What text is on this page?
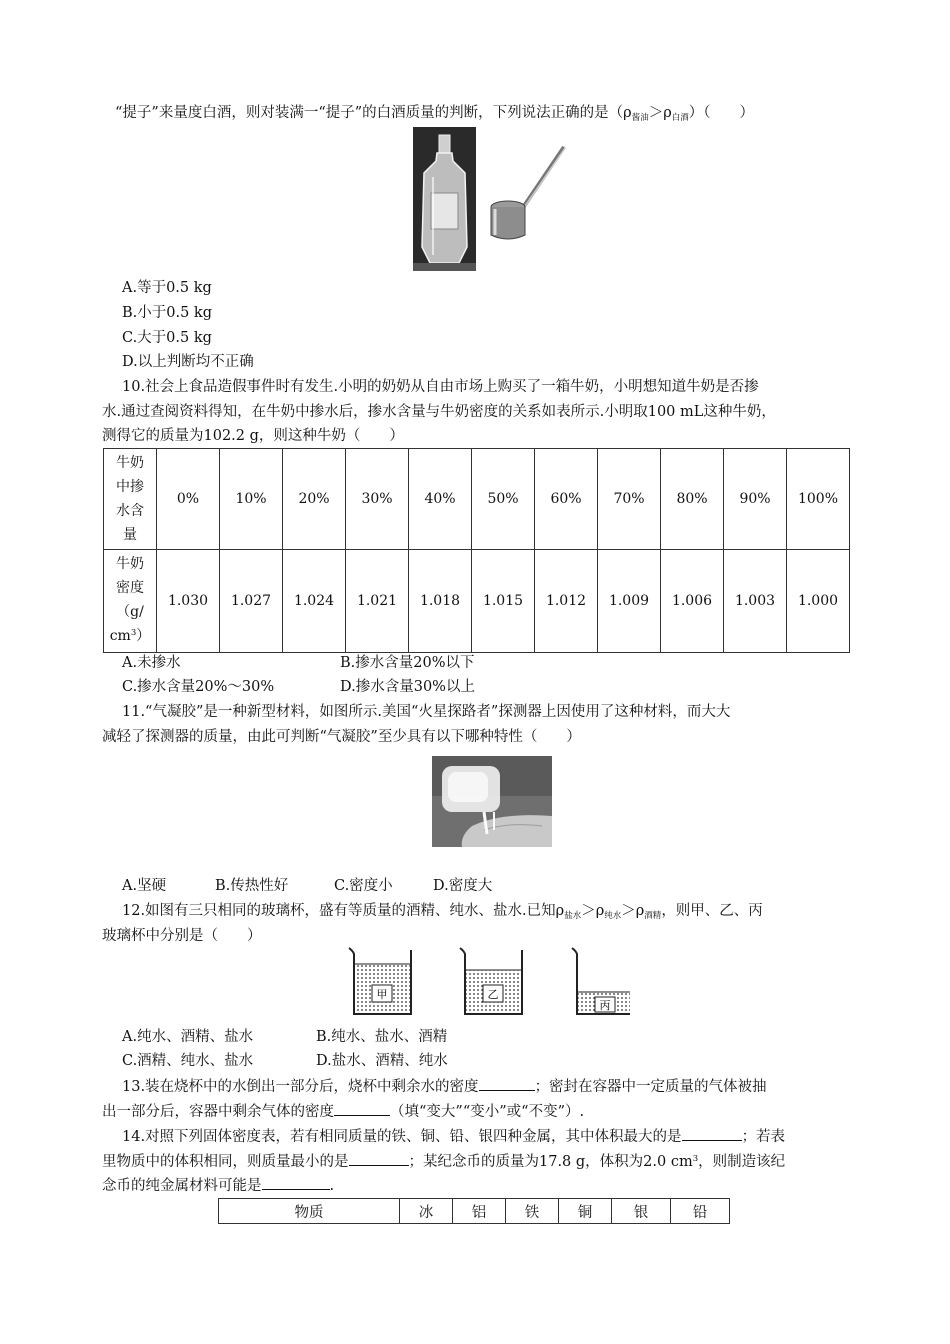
“提子”来量度白酒，则对装满一“提子”的白酒质量的判断，下列说法正确的是$(\rho_{酱油}>\rho_{白酒})$（　　）
A.等于0.5 kg
B.小于0.5 kg
C.大于0.5 kg
D.以上判断均不正确
10.社会上食品造假事件时有发生.小明的奶奶从自由市场上购买了一箱牛奶，小明想知道牛奶是否掺
水.通过查阅资料得知，在牛奶中掺水后，掺水含量与牛奶密度的关系如表所示.小明取100 mL这种牛奶，
测得它的质量为102.2 g，则这种牛奶（　　）
牛奶
中掺
水含
量	0%	10%	20%	30%	40%	50%	60%	70%	80%	90%	100%
牛奶
密度
（g/
$cm^3$）	1.030	1.027	1.024	1.021	1.018	1.015	1.012	1.009	1.006	1.003	1.000
A.未掺水	B.掺水含量20%以下
C.掺水含量20%～30%	D.掺水含量30%以上
11.“气凝胶”是一种新型材料，如图所示.美国“火星探路者”探测器上因使用了这种材料，而大大
减轻了探测器的质量，由此可判断“气凝胶”至少具有以下哪种特性（　　）
A.坚硬	B.传热性好	C.密度小	D.密度大
12.如图有三只相同的玻璃杯，盛有等质量的酒精、纯水、盐水.已知$\rho_{盐水}>\rho_{纯水}>\rho_{酒精}$，则甲、乙、丙
玻璃杯中分别是（　　）
甲	乙
丙
A.纯水、酒精、盐水	B.纯水、盐水、酒精
C.酒精、纯水、盐水	D.盐水、酒精、纯水
13.装在烧杯中的水倒出一部分后，烧杯中剩余水的密度	；密封在容器中一定质量的气体被抽
出一部分后，容器中剩余气体的密度	（填“变大”“变小”或“不变”）.
14.对照下列固体密度表，若有相同质量的铁、铜、铅、银四种金属，其中体积最大的是	；若表
里物质中的体积相同，则质量最小的是	；某纪念币的质量为17.8 g，体积为2.0 $cm^3$，则制造该纪
念币的纯金属材料可能是	.
物质	冰	铝	铁	铜	银	铅
